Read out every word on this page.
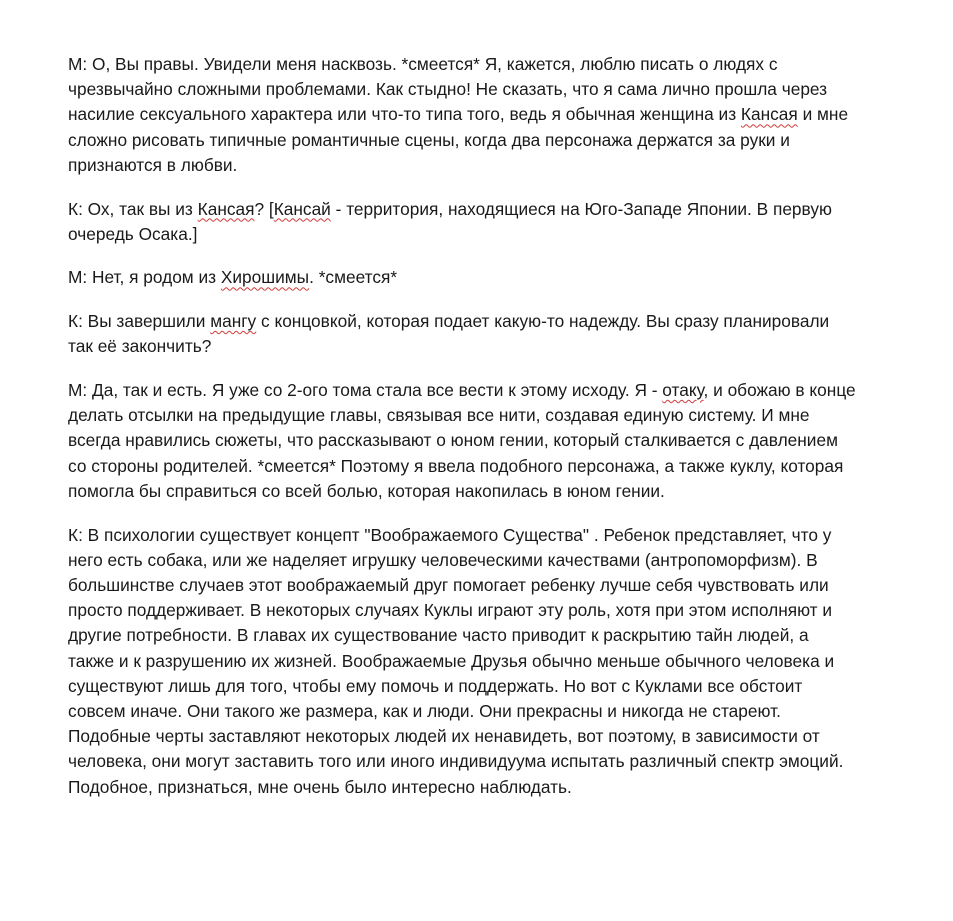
М: О, Вы правы. Увидели меня насквозь. *смеется* Я, кажется, люблю писать о людях с чрезвычайно сложными проблемами. Как стыдно! Не сказать, что я сама лично прошла через насилие сексуального характера или что-то типа того, ведь я обычная женщина из Кансая и мне сложно рисовать типичные романтичные сцены, когда два персонажа держатся за руки и признаются в любви.

К: Ох, так вы из Кансая? [Кансай - территория, находящиеся на Юго-Западе Японии. В первую очередь Осака.]

М: Нет, я родом из Хирошимы. *смеется*

К: Вы завершили мангу с концовкой, которая подает какую-то надежду. Вы сразу планировали так её закончить?

М: Да, так и есть. Я уже со 2-ого тома стала все вести к этому исходу. Я - отаку, и обожаю в конце делать отсылки на предыдущие главы, связывая все нити, создавая единую систему. И мне всегда нравились сюжеты, что рассказывают о юном гении, который сталкивается с давлением со стороны родителей. *смеется* Поэтому я ввела подобного персонажа, а также куклу, которая помогла бы справиться со всей болью, которая накопилась в юном гении.

К: В психологии существует концепт "Воображаемого Существа" . Ребенок представляет, что у него есть собака, или же наделяет игрушку человеческими качествами (антропоморфизм). В большинстве случаев этот воображаемый друг помогает ребенку лучше себя чувствовать или просто поддерживает. В некоторых случаях Куклы играют эту роль, хотя при этом исполняют и другие потребности. В главах их существование часто приводит к раскрытию тайн людей, а также и к разрушению их жизней. Воображаемые Друзья обычно меньше обычного человека и существуют лишь для того, чтобы ему помочь и поддержать. Но вот с Куклами все обстоит совсем иначе. Они такого же размера, как и люди. Они прекрасны и никогда не стареют. Подобные черты заставляют некоторых людей их ненавидеть, вот поэтому, в зависимости от человека, они могут заставить того или иного индивидуума испытать различный спектр эмоций. Подобное, признаться, мне очень было интересно наблюдать.
